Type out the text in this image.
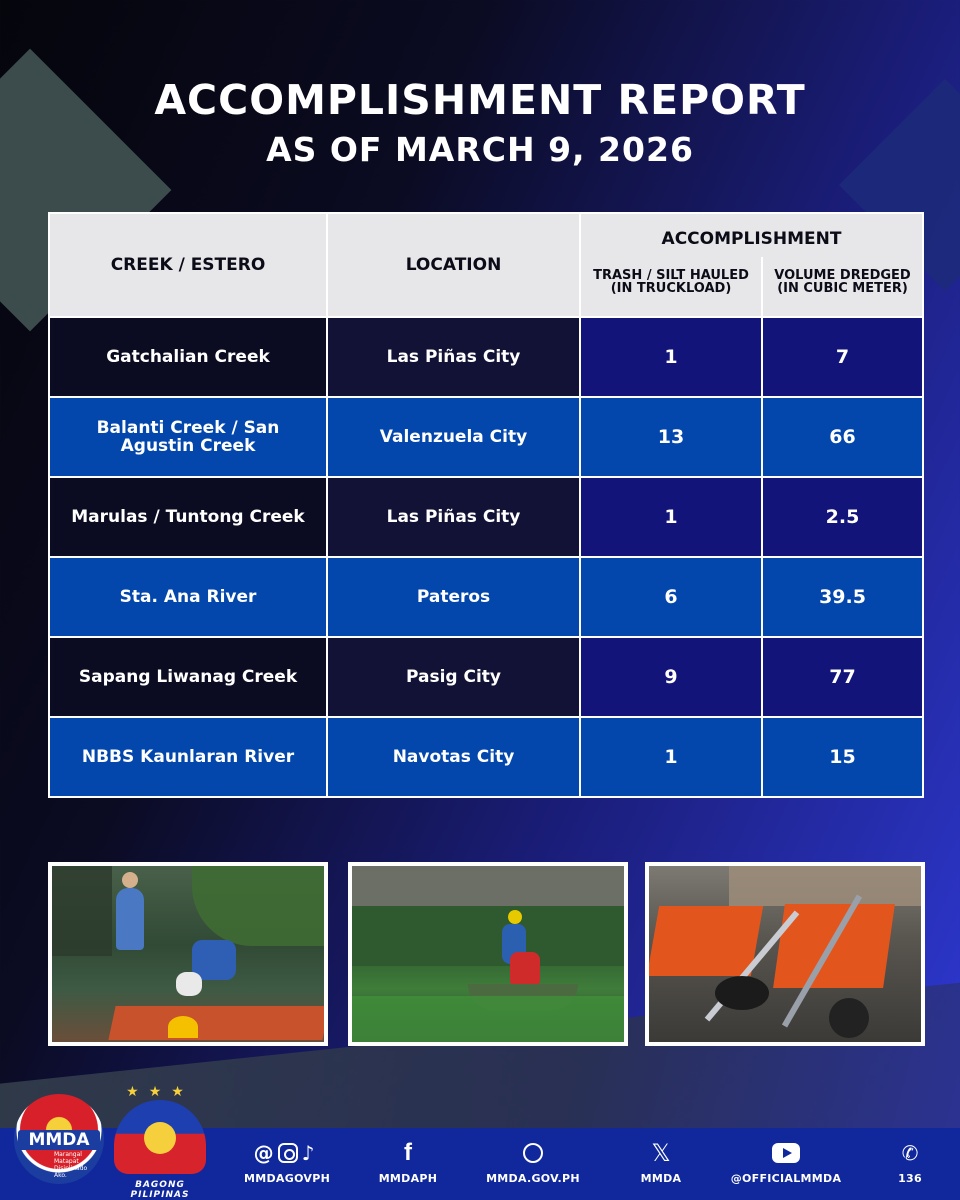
ACCOMPLISHMENT REPORT
AS OF MARCH 9, 2026
CREEK / ESTERO	LOCATION	ACCOMPLISHMENT	
		TRASH / SILT HAULED (IN TRUCKLOAD)	VOLUME DREDGED (IN CUBIC METER)
Gatchalian Creek	Las Piñas City	1	7
Balanti Creek / San Agustin Creek	Valenzuela City	13	66
Marulas / Tuntong Creek	Las Piñas City	1	2.5
Sta. Ana River	Pateros	6	39.5
Sapang Liwanag Creek	Pasig City	9	77
NBBS Kaunlaran River	Navotas City	1	15
MMDA
Marangal Matapat Disiplinado Ako.
★★★
BAGONG PILIPINAS
@ ♪
MMDAGOVPH
f
MMDAPH	MMDA.GOV.PH
𝕏
MMDA	@OFFICIALMMDA
✆
136
